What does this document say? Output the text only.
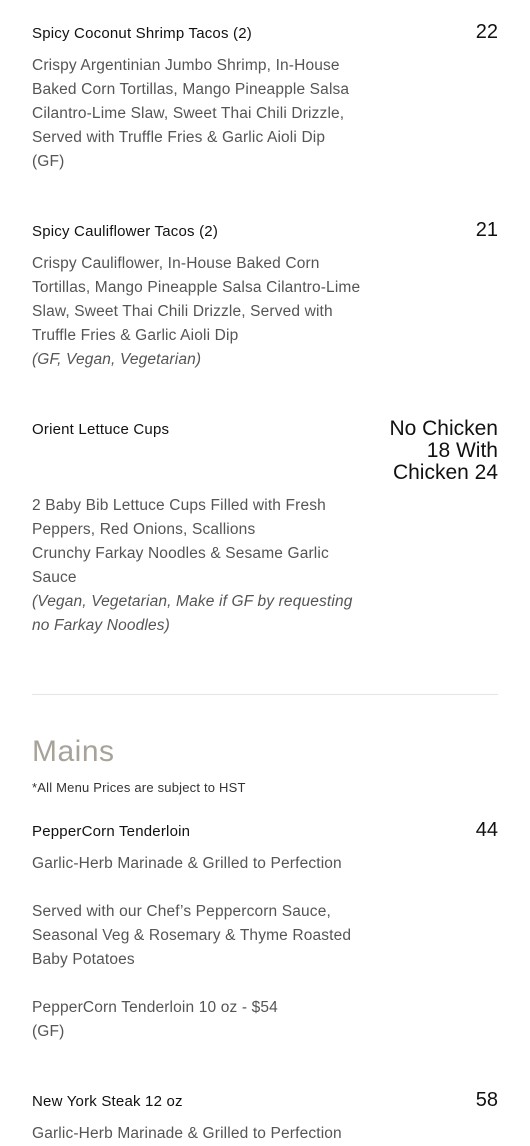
Spicy Coconut Shrimp Tacos (2)	22
Crispy Argentinian Jumbo Shrimp, In-House
Baked Corn Tortillas, Mango Pineapple Salsa
Cilantro-Lime Slaw, Sweet Thai Chili Drizzle,
Served with Truffle Fries & Garlic Aioli Dip
(GF)
Spicy Cauliflower Tacos (2)	21
Crispy Cauliflower, In-House Baked Corn
Tortillas, Mango Pineapple Salsa Cilantro-Lime
Slaw, Sweet Thai Chili Drizzle, Served with
Truffle Fries & Garlic Aioli Dip
(GF, Vegan, Vegetarian)
Orient Lettuce Cups	No Chicken
18 With
Chicken 24
2 Baby Bib Lettuce Cups Filled with Fresh
Peppers, Red Onions, Scallions
Crunchy Farkay Noodles & Sesame Garlic
Sauce
(Vegan, Vegetarian, Make if GF by requesting
no Farkay Noodles)
Mains
*All Menu Prices are subject to HST
PepperCorn Tenderloin	44
Garlic-Herb Marinade & Grilled to Perfection
Served with our Chef’s Peppercorn Sauce,
Seasonal Veg & Rosemary & Thyme Roasted
Baby Potatoes
PepperCorn Tenderloin 10 oz - $54
(GF)
New York Steak 12 oz	58
Garlic-Herb Marinade & Grilled to Perfection
